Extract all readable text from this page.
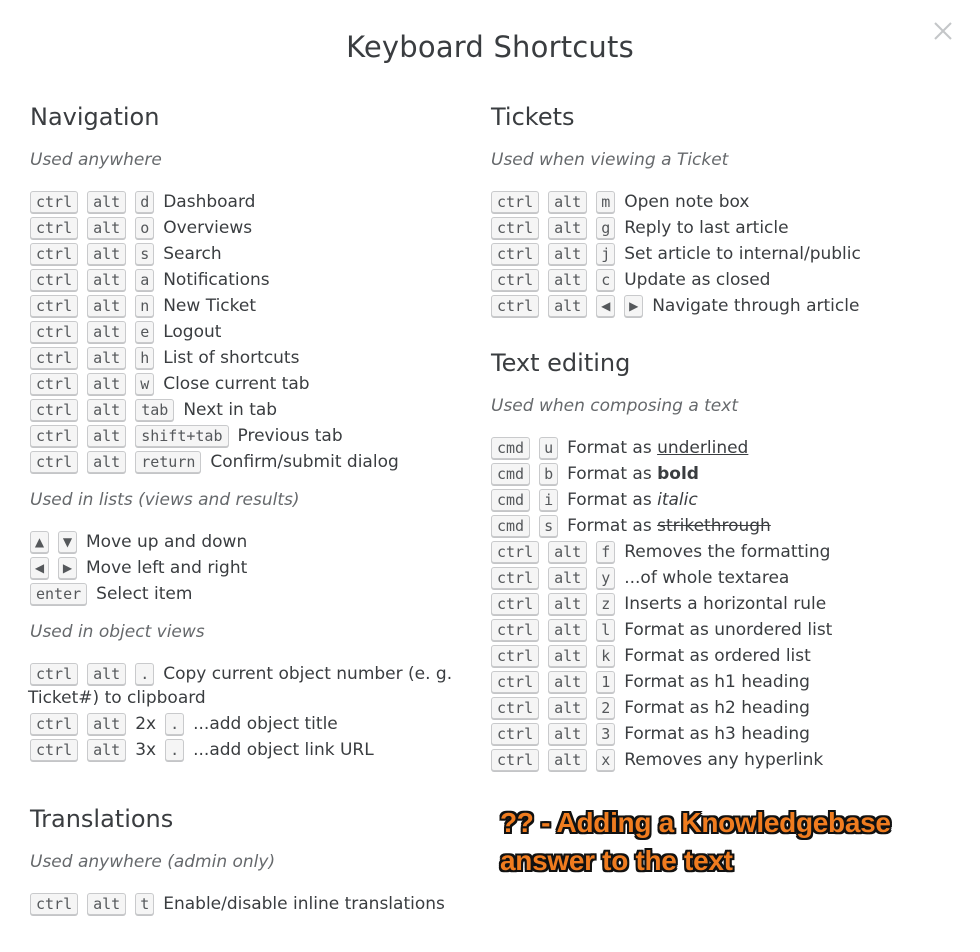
Keyboard Shortcuts
Navigation
Used anywhere
ctrl	alt	d Dashboard
ctrl	alt	o Overviews
ctrl	alt	s Search
ctrl	alt	a Notifications
ctrl	alt	n New Ticket
ctrl	alt	e Logout
ctrl	alt	h List of shortcuts
ctrl	alt	w Close current tab
ctrl	alt	tab Next in tab
ctrl	alt	shift+tab Previous tab
ctrl	alt	return Confirm/submit dialog
Used in lists (views and results)
▲	▼ Move up and down
◀	▶ Move left and right
enter Select item
Used in object views
ctrl	alt	. Copy current object number (e. g.
Ticket#) to clipboard
ctrl	alt 2x . ...add object title
ctrl	alt 3x . ...add object link URL
Translations
Used anywhere (admin only)
ctrl	alt	t Enable/disable inline translations
Tickets
Used when viewing a Ticket
ctrl	alt	m Open note box
ctrl	alt	g Reply to last article
ctrl	alt	j Set article to internal/public
ctrl	alt	c Update as closed
ctrl	alt	◀	▶ Navigate through article
Text editing
Used when composing a text
cmd	u Format as underlined
cmd	b Format as bold
cmd	i Format as italic
cmd	s Format as strikethrough
ctrl	alt	f Removes the formatting
ctrl	alt	y ...of whole textarea
ctrl	alt	z Inserts a horizontal rule
ctrl	alt	l Format as unordered list
ctrl	alt	k Format as ordered list
ctrl	alt	1 Format as h1 heading
ctrl	alt	2 Format as h2 heading
ctrl	alt	3 Format as h3 heading
ctrl	alt	x Removes any hyperlink
?? - Adding a Knowledgebase
answer to the text
